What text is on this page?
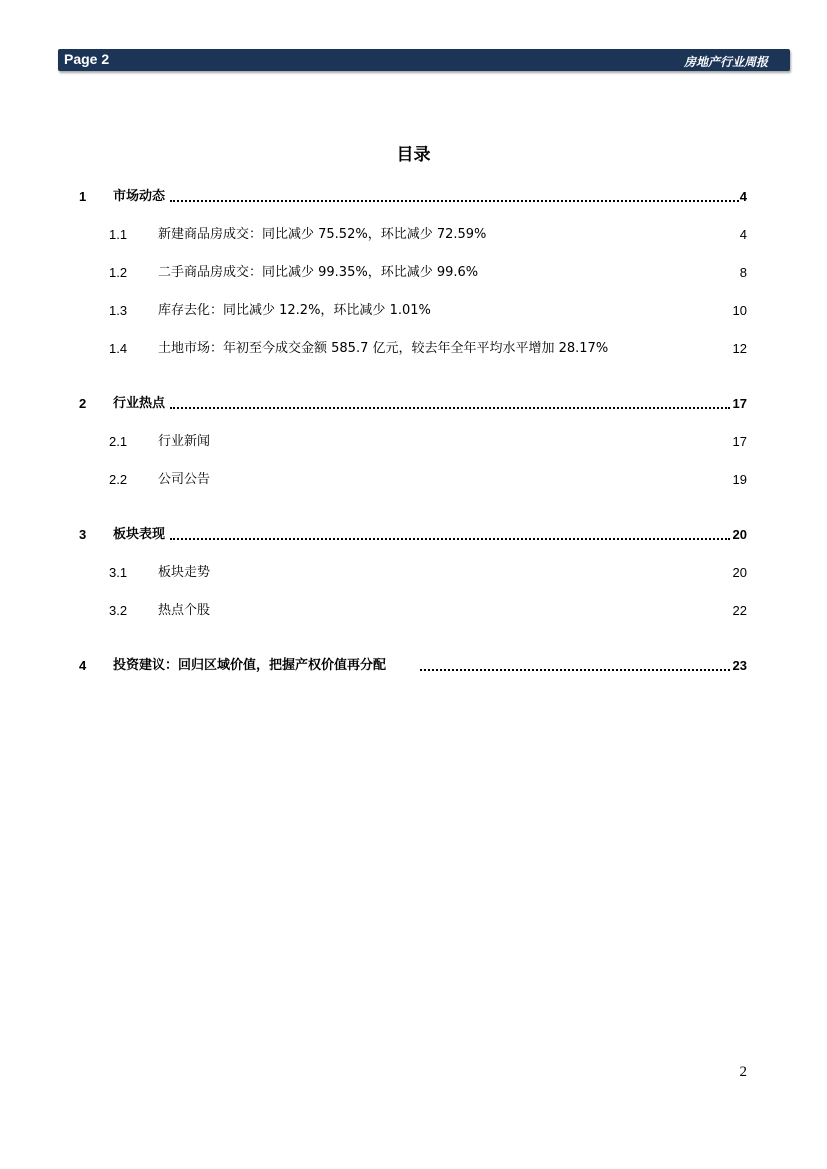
Page 2	房地产行业周报
目录
1 市场动态	4
1.1 新建商品房成交：同比减少 75.52%，环比减少 72.59%	4
1.2 二手商品房成交：同比减少 99.35%，环比减少 99.6%	8
1.3 库存去化：同比减少 12.2%，环比减少 1.01%	10
1.4 土地市场：年初至今成交金额 585.7 亿元，较去年全年平均水平增加 28.17%	12
2 行业热点	17
2.1 行业新闻	17
2.2 公司公告	19
3 板块表现	20
3.1 板块走势	20
3.2 热点个股	22
4 投资建议：回归区域价值，把握产权价值再分配	23
2
